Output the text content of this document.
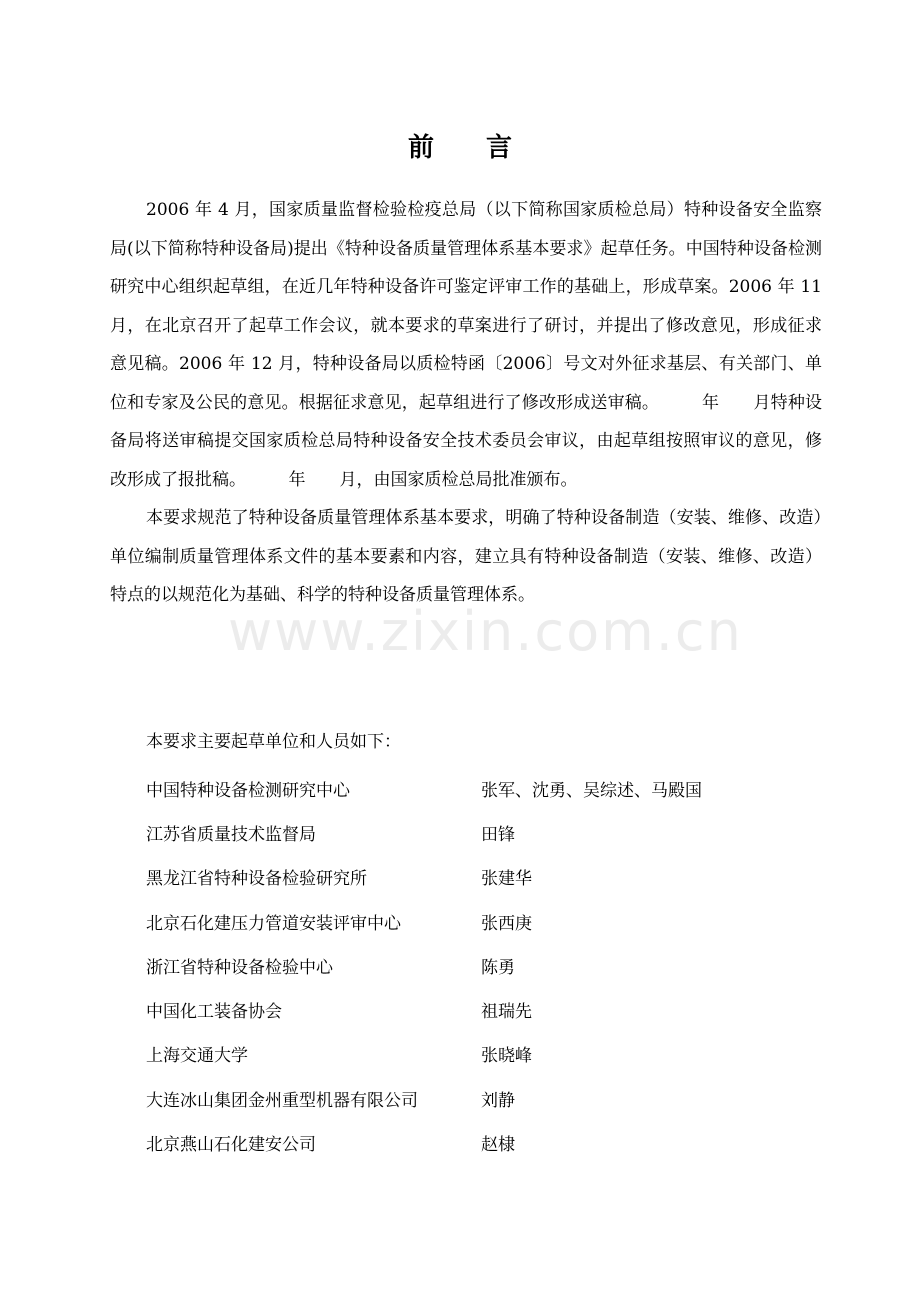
www.zixin.com.cn
前言

2006 年 4 月，国家质量监督检验检疫总局（以下简称国家质检总局）特种设备安全监察局(以下简称特种设备局)提出《特种设备质量管理体系基本要求》起草任务。中国特种设备检测研究中心组织起草组，在近几年特种设备许可鉴定评审工作的基础上，形成草案。2006 年 11 月，在北京召开了起草工作会议，就本要求的草案进行了研讨，并提出了修改意见，形成征求意见稿。2006 年 12 月，特种设备局以质检特函〔2006〕号文对外征求基层、有关部门、单位和专家及公民的意见。根据征求意见，起草组进行了修改形成送审稿。　　　年　　月特种设备局将送审稿提交国家质检总局特种设备安全技术委员会审议，由起草组按照审议的意见，修改形成了报批稿。　　　年　　月，由国家质检总局批准颁布。

本要求规范了特种设备质量管理体系基本要求，明确了特种设备制造（安装、维修、改造）单位编制质量管理体系文件的基本要素和内容，建立具有特种设备制造（安装、维修、改造）特点的以规范化为基础、科学的特种设备质量管理体系。

本要求主要起草单位和人员如下：
中国特种设备检测研究中心	张军、沈勇、吴综述、马殿国
江苏省质量技术监督局	田锋
黑龙江省特种设备检验研究所	张建华
北京石化建压力管道安装评审中心	张西庚
浙江省特种设备检验中心	陈勇
中国化工装备协会	祖瑞先
上海交通大学	张晓峰
大连冰山集团金州重型机器有限公司	刘静
北京燕山石化建安公司	赵棣
